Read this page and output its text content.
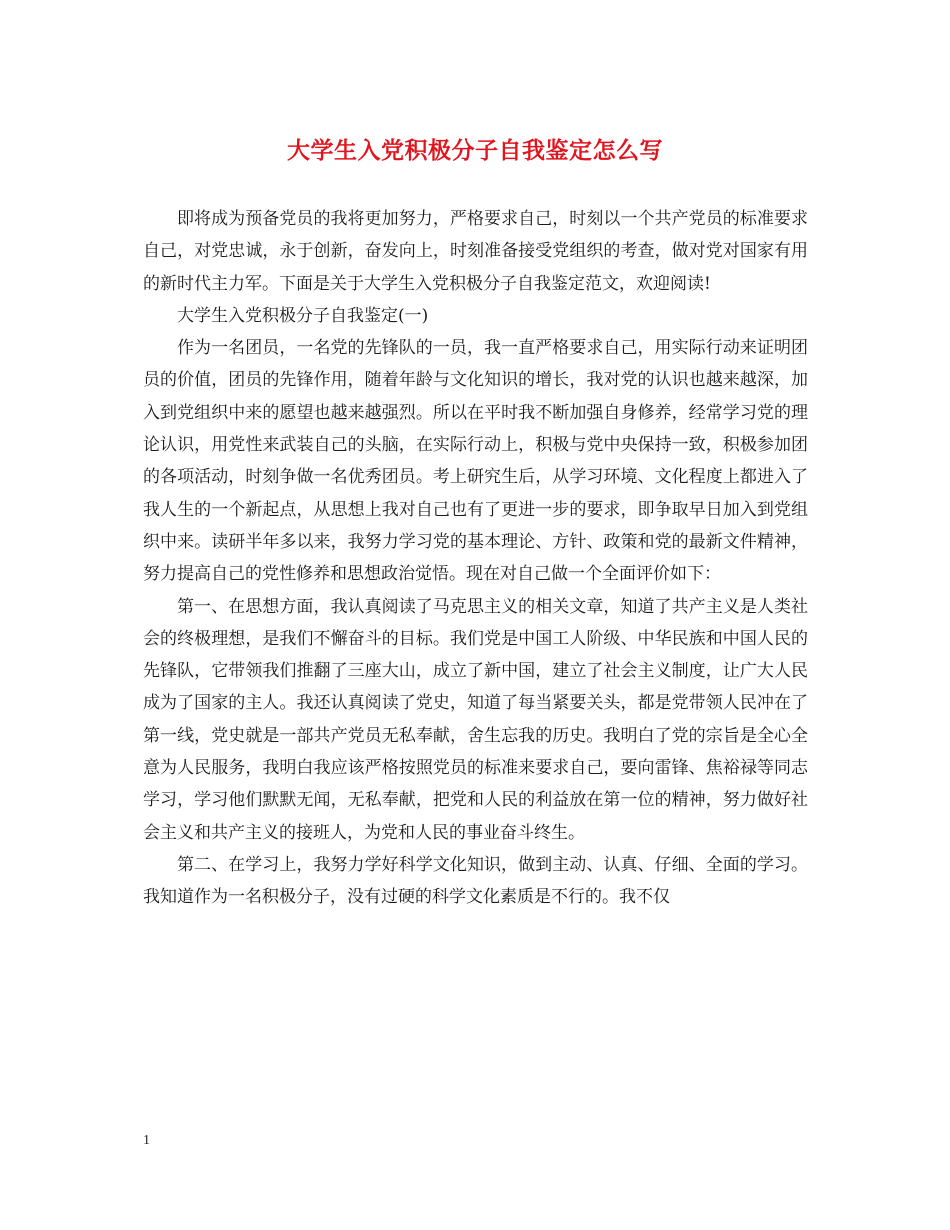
大学生入党积极分子自我鉴定怎么写

即将成为预备党员的我将更加努力，严格要求自己，时刻以一个共产党员的标准要求自己，对党忠诚，永于创新，奋发向上，时刻准备接受党组织的考查，做对党对国家有用的新时代主力军。下面是关于大学生入党积极分子自我鉴定范文，欢迎阅读!

大学生入党积极分子自我鉴定(一)

作为一名团员，一名党的先锋队的一员，我一直严格要求自己，用实际行动来证明团员的价值，团员的先锋作用，随着年龄与文化知识的增长，我对党的认识也越来越深，加入到党组织中来的愿望也越来越强烈。所以在平时我不断加强自身修养，经常学习党的理论认识，用党性来武装自己的头脑，在实际行动上，积极与党中央保持一致，积极参加团的各项活动，时刻争做一名优秀团员。考上研究生后，从学习环境、文化程度上都进入了我人生的一个新起点，从思想上我对自己也有了更进一步的要求，即争取早日加入到党组织中来。读研半年多以来，我努力学习党的基本理论、方针、政策和党的最新文件精神，努力提高自己的党性修养和思想政治觉悟。现在对自己做一个全面评价如下：

第一、在思想方面，我认真阅读了马克思主义的相关文章，知道了共产主义是人类社会的终极理想，是我们不懈奋斗的目标。我们党是中国工人阶级、中华民族和中国人民的先锋队，它带领我们推翻了三座大山，成立了新中国，建立了社会主义制度，让广大人民成为了国家的主人。我还认真阅读了党史，知道了每当紧要关头，都是党带领人民冲在了第一线，党史就是一部共产党员无私奉献，舍生忘我的历史。我明白了党的宗旨是全心全意为人民服务，我明白我应该严格按照党员的标准来要求自己，要向雷锋、焦裕禄等同志学习，学习他们默默无闻，无私奉献，把党和人民的利益放在第一位的精神，努力做好社会主义和共产主义的接班人，为党和人民的事业奋斗终生。

第二、在学习上，我努力学好科学文化知识，做到主动、认真、仔细、全面的学习。我知道作为一名积极分子，没有过硬的科学文化素质是不行的。我不仅

1
